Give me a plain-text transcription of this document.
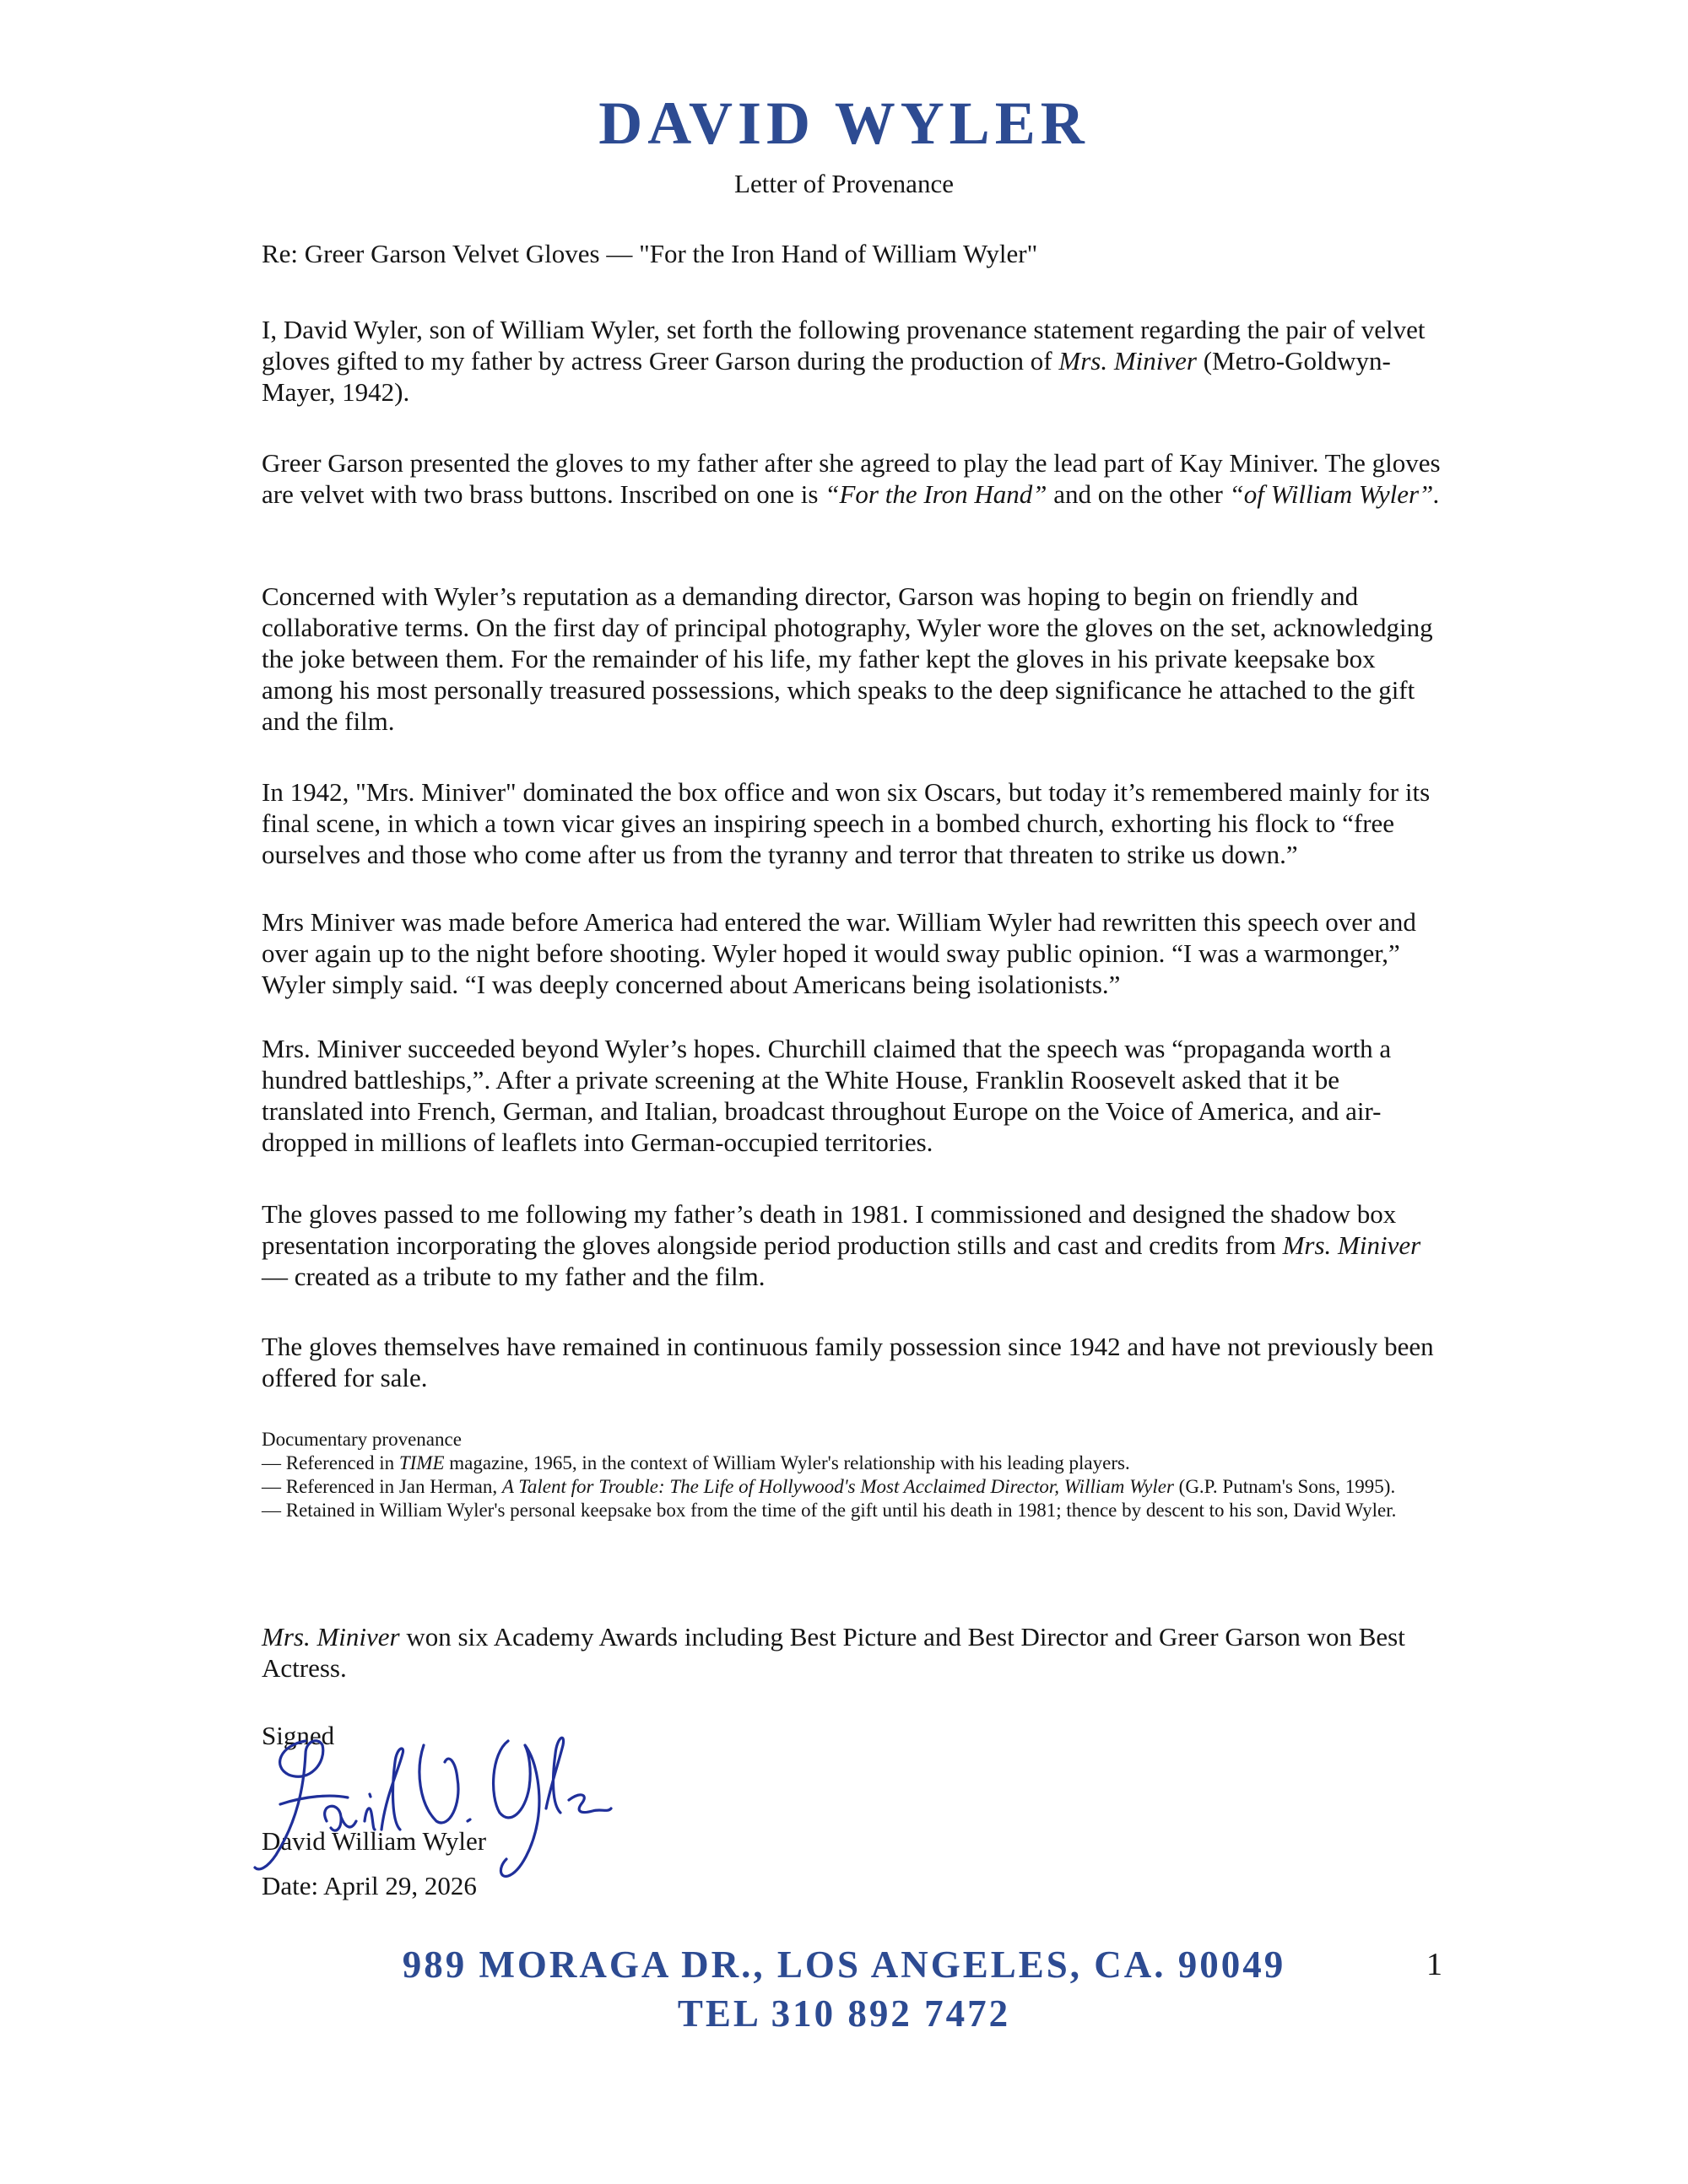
DAVID WYLER
Letter of Provenance

Re: Greer Garson Velvet Gloves — "For the Iron Hand of William Wyler"

I, David Wyler, son of William Wyler, set forth the following provenance statement regarding the pair of velvet gloves gifted to my father by actress Greer Garson during the production of Mrs. Miniver (Metro-Goldwyn-Mayer, 1942).

Greer Garson presented the gloves to my father after she agreed to play the lead part of Kay Miniver. The gloves are velvet with two brass buttons. Inscribed on one is “For the Iron Hand” and on the other “of William Wyler”.

Concerned with Wyler’s reputation as a demanding director, Garson was hoping to begin on friendly and collaborative terms. On the first day of principal photography, Wyler wore the gloves on the set, acknowledging the joke between them. For the remainder of his life, my father kept the gloves in his private keepsake box among his most personally treasured possessions, which speaks to the deep significance he attached to the gift and the film.

In 1942, "Mrs. Miniver" dominated the box office and won six Oscars, but today it’s remembered mainly for its final scene, in which a town vicar gives an inspiring speech in a bombed church, exhorting his flock to “free ourselves and those who come after us from the tyranny and terror that threaten to strike us down.”

Mrs Miniver was made before America had entered the war. William Wyler had rewritten this speech over and over again up to the night before shooting. Wyler hoped it would sway public opinion. “I was a warmonger,” Wyler simply said. “I was deeply concerned about Americans being isolationists.”

Mrs. Miniver succeeded beyond Wyler’s hopes. Churchill claimed that the speech was “propaganda worth a hundred battleships,”. After a private screening at the White House, Franklin Roosevelt asked that it be translated into French, German, and Italian, broadcast throughout Europe on the Voice of America, and air-dropped in millions of leaflets into German-occupied territories.

The gloves passed to me following my father’s death in 1981. I commissioned and designed the shadow box presentation incorporating the gloves alongside period production stills and cast and credits from Mrs. Miniver — created as a tribute to my father and the film.

The gloves themselves have remained in continuous family possession since 1942 and have not previously been offered for sale.

Documentary provenance
— Referenced in TIME magazine, 1965, in the context of William Wyler's relationship with his leading players.
— Referenced in Jan Herman, A Talent for Trouble: The Life of Hollywood's Most Acclaimed Director, William Wyler (G.P. Putnam's Sons, 1995).
— Retained in William Wyler's personal keepsake box from the time of the gift until his death in 1981; thence by descent to his son, David Wyler.

Mrs. Miniver won six Academy Awards including Best Picture and Best Director and Greer Garson won Best Actress.

Signed
David William Wyler
Date: April 29, 2026
989 MORAGA DR., LOS ANGELES, CA. 90049
TEL 310 892 7472
1
